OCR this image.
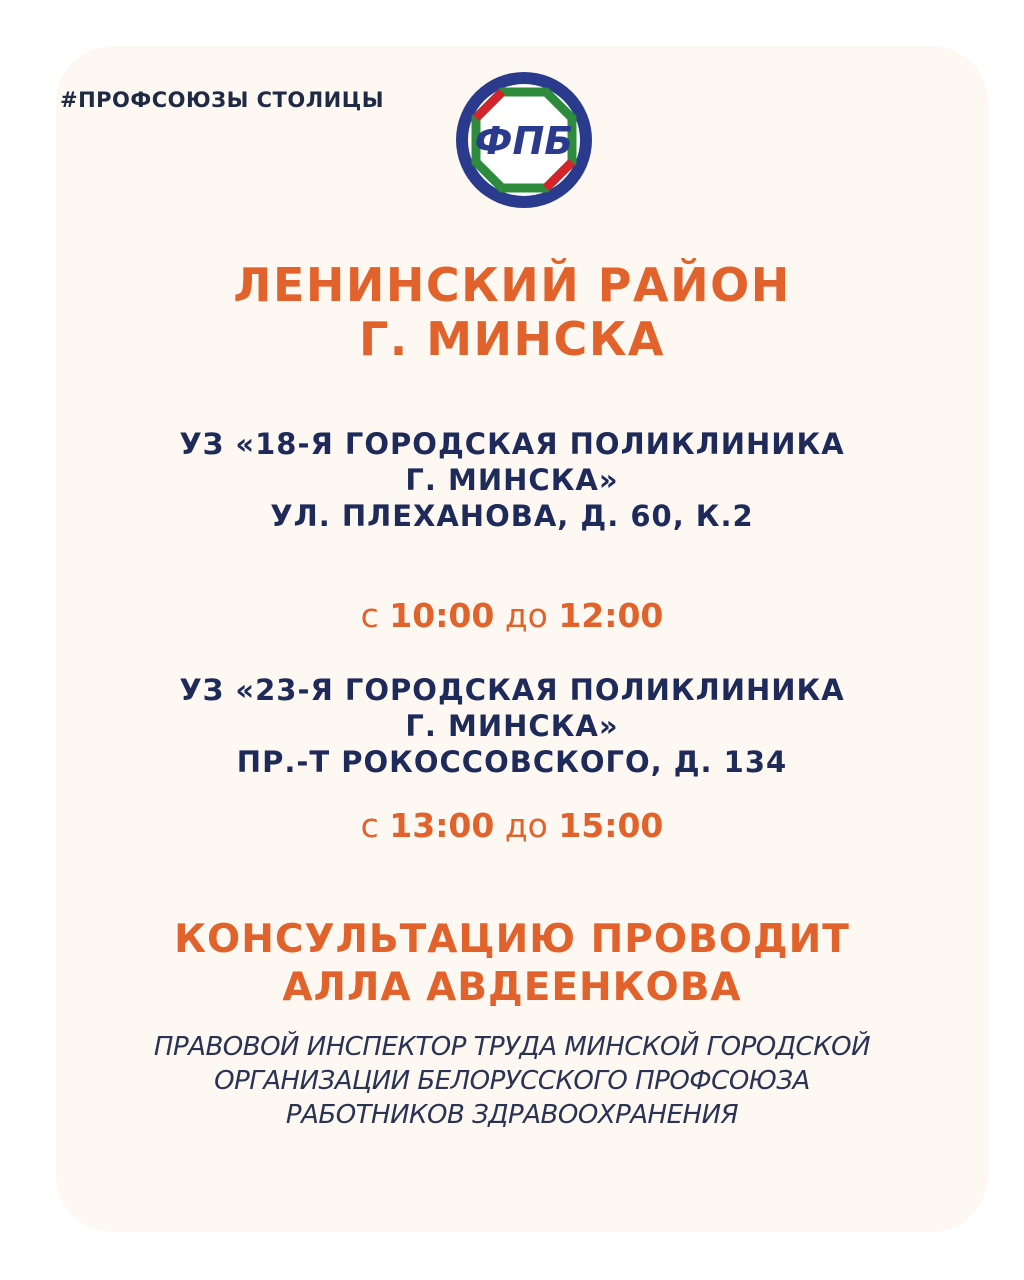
#ПРОФСОЮЗЫ СТОЛИЦЫ
ФПБ
ЛЕНИНСКИЙ РАЙОН
Г. МИНСКА
УЗ «18-Я ГОРОДСКАЯ ПОЛИКЛИНИКА
Г. МИНСКА»
УЛ. ПЛЕХАНОВА, Д. 60, К.2
с 10:00 до 12:00
УЗ «23-Я ГОРОДСКАЯ ПОЛИКЛИНИКА
Г. МИНСКА»
ПР.-Т РОКОССОВСКОГО, Д. 134
с 13:00 до 15:00
КОНСУЛЬТАЦИЮ ПРОВОДИТ
АЛЛА АВДЕЕНКОВА
ПРАВОВОЙ ИНСПЕКТОР ТРУДА МИНСКОЙ ГОРОДСКОЙ
ОРГАНИЗАЦИИ БЕЛОРУССКОГО ПРОФСОЮЗА
РАБОТНИКОВ ЗДРАВООХРАНЕНИЯ
